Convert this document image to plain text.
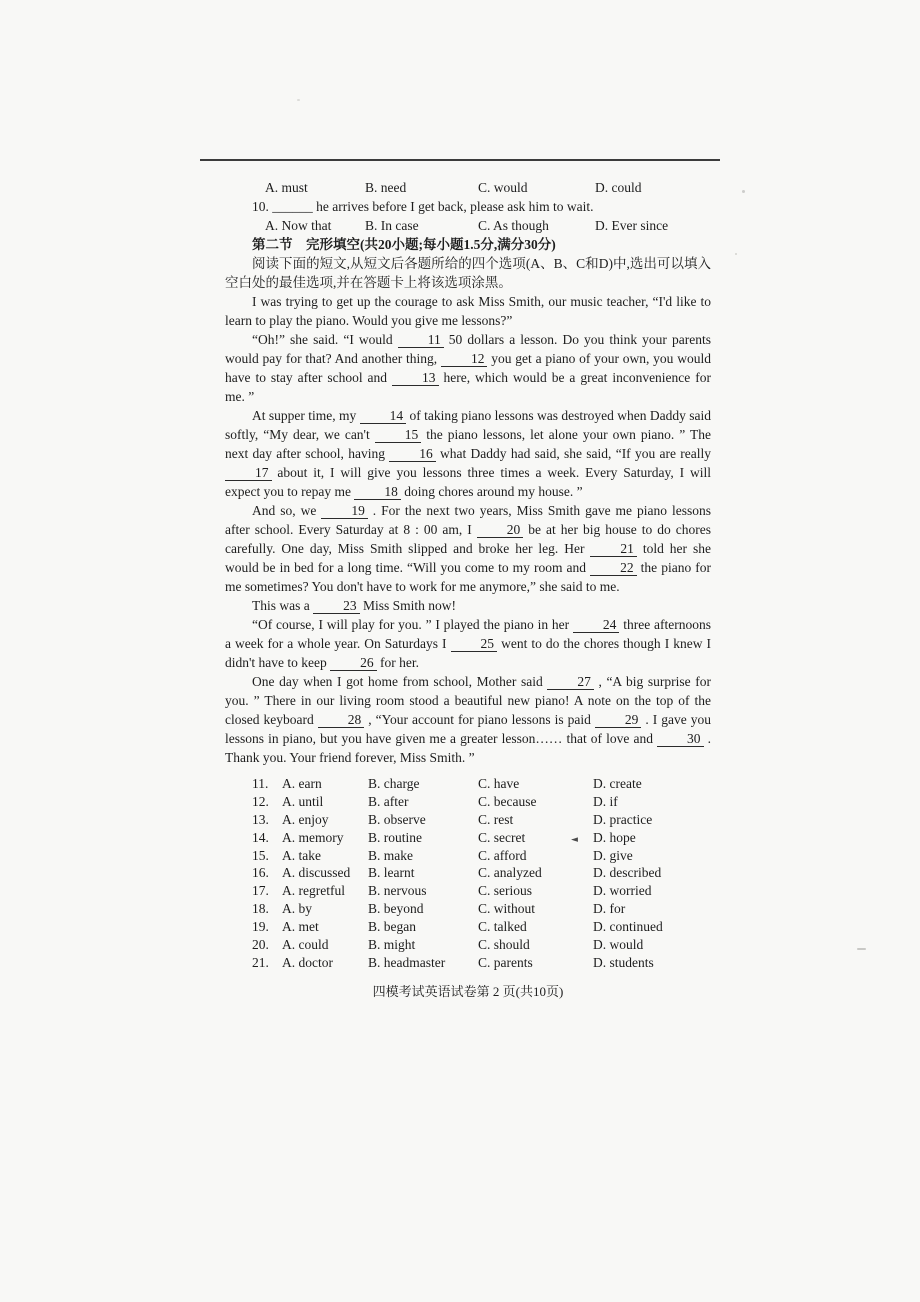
A. must	B. need	C. would	D. could
10. ______ he arrives before I get back, please ask him to wait.
A. Now that	B. In case	C. As though	D. Ever since
第二节　完形填空(共20小题;每小题1.5分,满分30分)

阅读下面的短文,从短文后各题所给的四个选项(A、B、C和D)中,选出可以填入空白处的最佳选项,并在答题卡上将该选项涂黑。

I was trying to get up the courage to ask Miss Smith, our music teacher, “I'd like to learn to play the piano. Would you give me lessons?”

“Oh!” she said. “I would 11 50 dollars a lesson. Do you think your parents would pay for that? And another thing, 12 you get a piano of your own, you would have to stay after school and 13 here, which would be a great inconvenience for me. ”

At supper time, my 14 of taking piano lessons was destroyed when Daddy said softly, “My dear, we can't 15 the piano lessons, let alone your own piano. ” The next day after school, having 16 what Daddy had said, she said, “If you are really 17 about it, I will give you lessons three times a week. Every Saturday, I will expect you to repay me 18 doing chores around my house. ”

And so, we 19 . For the next two years, Miss Smith gave me piano lessons after school. Every Saturday at 8 : 00 am, I 20 be at her big house to do chores carefully. One day, Miss Smith slipped and broke her leg. Her 21 told her she would be in bed for a long time. “Will you come to my room and 22 the piano for me sometimes? You don't have to work for me anymore,” she said to me.

This was a 23 Miss Smith now!

“Of course, I will play for you. ” I played the piano in her 24 three afternoons a week for a whole year. On Saturdays I 25 went to do the chores though I knew I didn't have to keep 26 for her.

One day when I got home from school, Mother said 27 , “A big surprise for you. ” There in our living room stood a beautiful new piano! A note on the top of the closed keyboard 28 , “Your account for piano lessons is paid 29 . I gave you lessons in piano, but you have given me a greater lesson…… that of love and 30 . Thank you. Your friend forever, Miss Smith. ”

11.	A. earn	B. charge	C. have	D. create
12. A. until	B. after	C. because	D. if
13. A. enjoy	B. observe	C. rest	D. practice
14. A. memory	B. routine	C. secret	D. hope
◄
15. A. take	B. make	C. afford	D. give
16. A. discussed	B. learnt	C. analyzed	D. described
17. A. regretful	B. nervous	C. serious	D. worried
18. A. by	B. beyond	C. without	D. for
19. A. met	B. began	C. talked	D. continued
20. A. could	B. might	C. should	D. would
21. A. doctor	B. headmaster	C. parents	D. students
四模考试英语试卷第 2 页(共10页)
